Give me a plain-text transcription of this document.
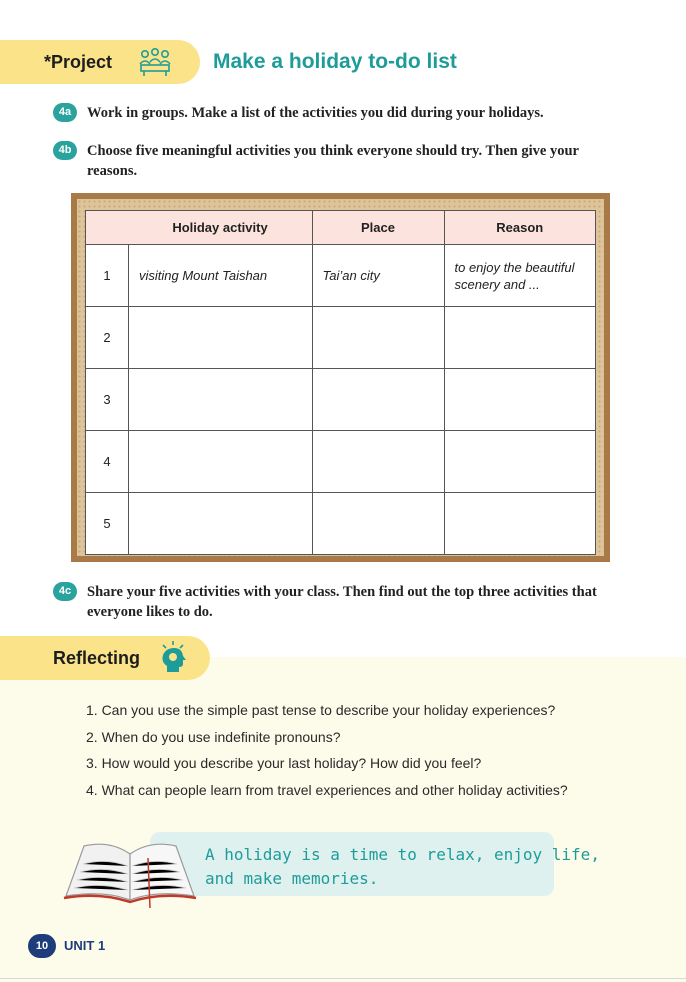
*Project	Make a holiday to-do list
4a	Work in groups. Make a list of the activities you did during your holidays.
4b	Choose five meaningful activities you think everyone should try. Then give your reasons.
	Holiday activity	Place	Reason
1	visiting Mount Taishan	Tai’an city	to enjoy the beautiful scenery and ...
2			
3			
4			
5			
4c	Share your five activities with your class. Then find out the top three activities that everyone likes to do.
Reflecting
1. Can you use the simple past tense to describe your holiday experiences?
2. When do you use indefinite pronouns?
3. How would you describe your last holiday? How did you feel?
4. What can people learn from travel experiences and other holiday activities?
A holiday is a time to relax, enjoy life,
and make memories.
10	UNIT 1
